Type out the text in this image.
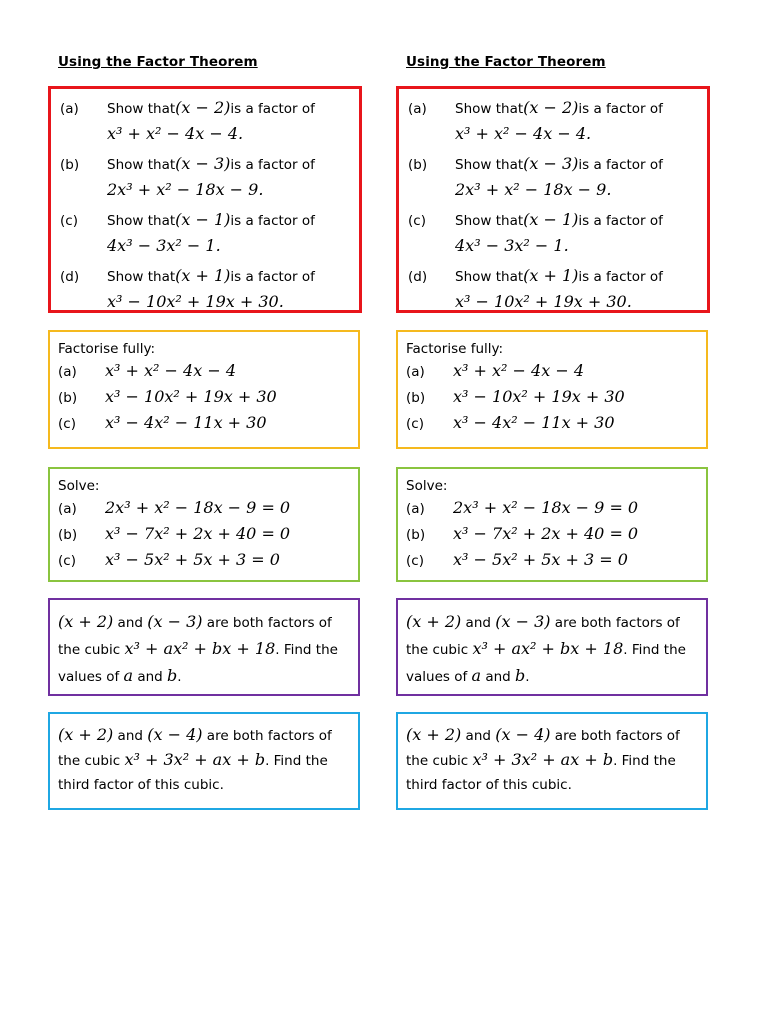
Using the Factor Theorem
(a)	Show that (x − 2) is a factor of
x³ + x² − 4x − 4.
(b)	Show that (x − 3) is a factor of
2x³ + x² − 18x − 9.
(c)	Show that (x − 1) is a factor of
4x³ − 3x² − 1.
(d)	Show that (x + 1) is a factor of
x³ − 10x² + 19x + 30.
Factorise fully:
(a)	x³ + x² − 4x − 4
(b)	x³ − 10x² + 19x + 30
(c)	x³ − 4x² − 11x + 30
Solve:
(a)	2x³ + x² − 18x − 9 = 0
(b)	x³ − 7x² + 2x + 40 = 0
(c)	x³ − 5x² + 5x + 3 = 0
(x + 2) and (x − 3) are both factors of
the cubic x³ + ax² + bx + 18. Find the
values of a and b.
(x + 2) and (x − 4) are both factors of
the cubic x³ + 3x² + ax + b. Find the
third factor of this cubic.
Using the Factor Theorem
(a)	Show that (x − 2) is a factor of
x³ + x² − 4x − 4.
(b)	Show that (x − 3) is a factor of
2x³ + x² − 18x − 9.
(c)	Show that (x − 1) is a factor of
4x³ − 3x² − 1.
(d)	Show that (x + 1) is a factor of
x³ − 10x² + 19x + 30.
Factorise fully:
(a)	x³ + x² − 4x − 4
(b)	x³ − 10x² + 19x + 30
(c)	x³ − 4x² − 11x + 30
Solve:
(a)	2x³ + x² − 18x − 9 = 0
(b)	x³ − 7x² + 2x + 40 = 0
(c)	x³ − 5x² + 5x + 3 = 0
(x + 2) and (x − 3) are both factors of
the cubic x³ + ax² + bx + 18. Find the
values of a and b.
(x + 2) and (x − 4) are both factors of
the cubic x³ + 3x² + ax + b. Find the
third factor of this cubic.
